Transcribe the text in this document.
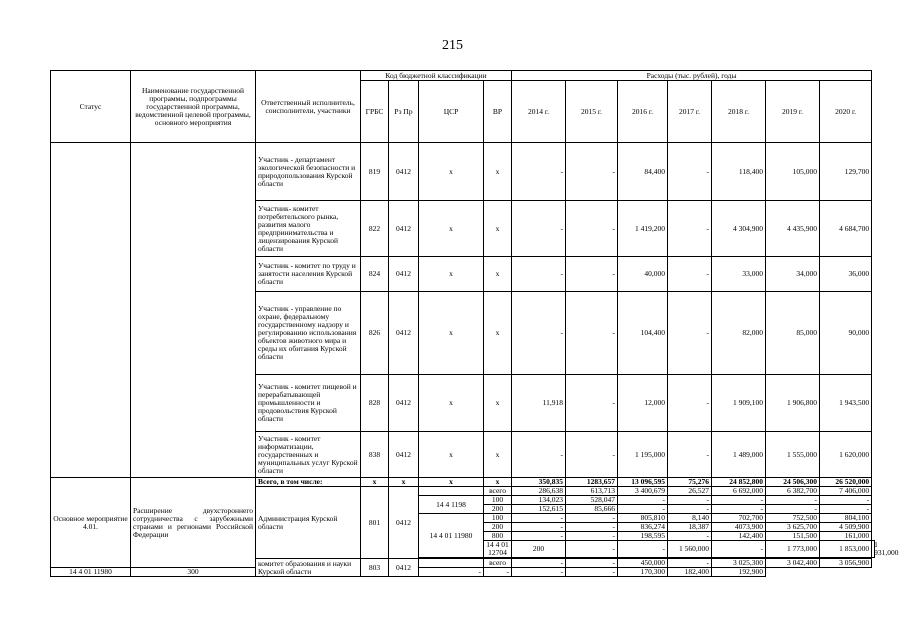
215
Статус	Наименование государственной программы, подпрограммы государственной программы, ведомственной целевой программы, основного мероприятия	Ответственный исполнитель, соисполнители, участники	Код бюджетной классификации				Расходы (тыс. рублей), годы							
			ГРБС	Рз Пр	ЦСР	ВР	2014 г.	2015 г.	2016 г.	2017 г.	2018 г.	2019 г.	2020 г.	
		Участник - департамент экологической безопасности и природопользования Курской области	819	0412	х	х	-	-	84,400	-	118,400	105,000	129,700	
		Участник- комитет потребительского рынка, развития малого предпринимательства и лицензирования Курской области	822	0412	х	х	-	-	1 419,200	-	4 304,900	4 435,900	4 684,700	
		Участник - комитет по труду и занятости населения Курской области	824	0412	х	х	-	-	40,000	-	33,000	34,000	36,000	
		Участник - управление по охране, федеральному государственному надзору и регулированию использования объектов животного мира и среды их обитания Курской области	826	0412	х	х	-	-	104,400	-	82,000	85,000	90,000	
		Участник - комитет пищевой и перерабатывающей промышленности и продовольствия Курской области	828	0412	х	х	11,918	-	12,000	-	1 909,100	1 906,800	1 943,500	
		Участник - комитет информатизации, государственных и муниципальных услуг Курской области	838	0412	х	х	-	-	1 195,000	-	1 489,000	1 555,000	1 620,000	
Основное мероприятие 4.01.	Расширение двухстороннего сотрудничества с зарубежными странами и регионами Российской Федерации	Всего, в том числе:	х	х	х	х	350,835	1283,657	13 096,595	75,276	24 852,800	24 506,300	26 520,000	
		Администрация Курской области	801	0412		всего	286,638	613,713	3 400,679	26,527	6 692,000	6 382,700	7 406,000	
					14 4 1198	100	134,023	528,047	-	-	-	-	-	
						200	152,615	85,666	-	-	-	-	-	
					14 4 01 11980	100	-	-	805,810	8,140	702,700	752,500	804,100	
						200	-	-	836,274	18,387	4073,900	3 625,700	4 509,900	
						800	-	-	198,595	-	142,400	151,500	161,000	
						14 4 01 12704	200	-	-	1 560,000	-	1 773,000	1 853,000	1 931,000

		комитет образования и науки Курской области	803	0412		всего	-	-	450,000	-	3 025,300	3 042,400	3 056,900	
14 4 01 11980	300				-	-	-	-	170,300	182,400	192,900			
